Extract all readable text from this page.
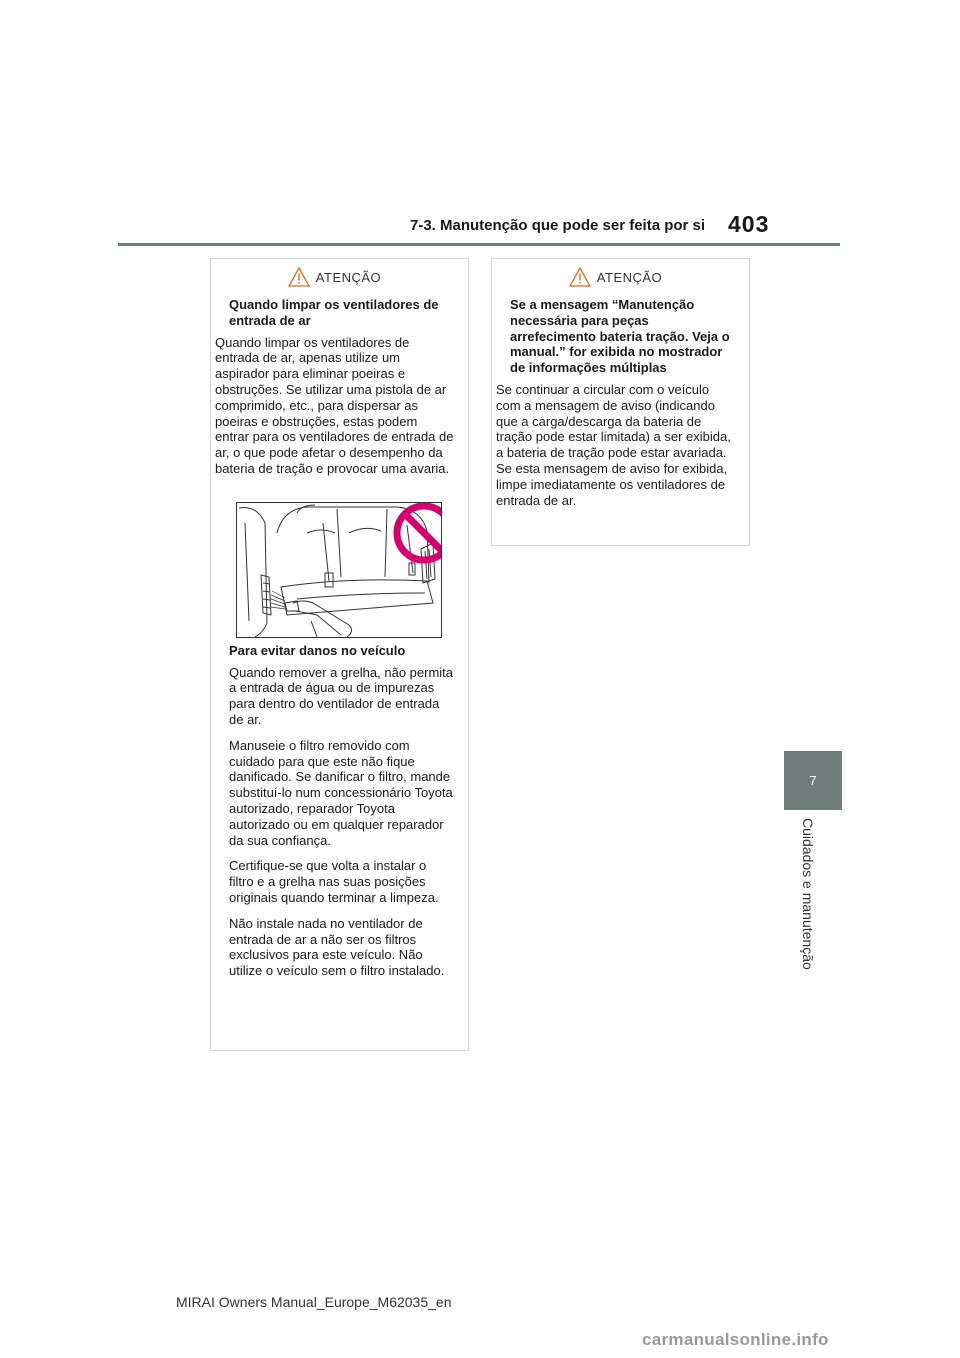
7-3. Manutenção que pode ser feita por si 403
7
Cuidados e manutenção
ATENÇÃO

Quando limpar os ventiladores de entrada de ar

Quando limpar os ventiladores de entrada de ar, apenas utilize um aspirador para eliminar poeiras e obstruções. Se utilizar uma pistola de ar comprimido, etc., para dispersar as poeiras e obstruções, estas podem entrar para os ventiladores de entrada de ar, o que pode afetar o desempenho da bateria de tração e provocar uma avaria.

Para evitar danos no veículo

Quando remover a grelha, não permita a entrada de água ou de impurezas para dentro do ventilador de entrada de ar.

Manuseie o filtro removido com cuidado para que este não fique danificado. Se danificar o filtro, mande substituí-lo num concessionário Toyota autorizado, reparador Toyota autorizado ou em qualquer reparador da sua confiança.

Certifique-se que volta a instalar o filtro e a grelha nas suas posições originais quando terminar a limpeza.

Não instale nada no ventilador de entrada de ar a não ser os filtros exclusivos para este veículo. Não utilize o veículo sem o filtro instalado.

ATENÇÃO

Se a mensagem “Manutenção necessária para peças arrefecimento bateria tração. Veja o manual.” for exibida no mostrador de informações múltiplas

Se continuar a circular com o veículo com a mensagem de aviso (indicando que a carga/descarga da bateria de tração pode estar limitada) a ser exibida, a bateria de tração pode estar avariada. Se esta mensagem de aviso for exibida, limpe imediatamente os ventiladores de entrada de ar.

MIRAI Owners Manual_Europe_M62035_en
carmanualsonline.info
